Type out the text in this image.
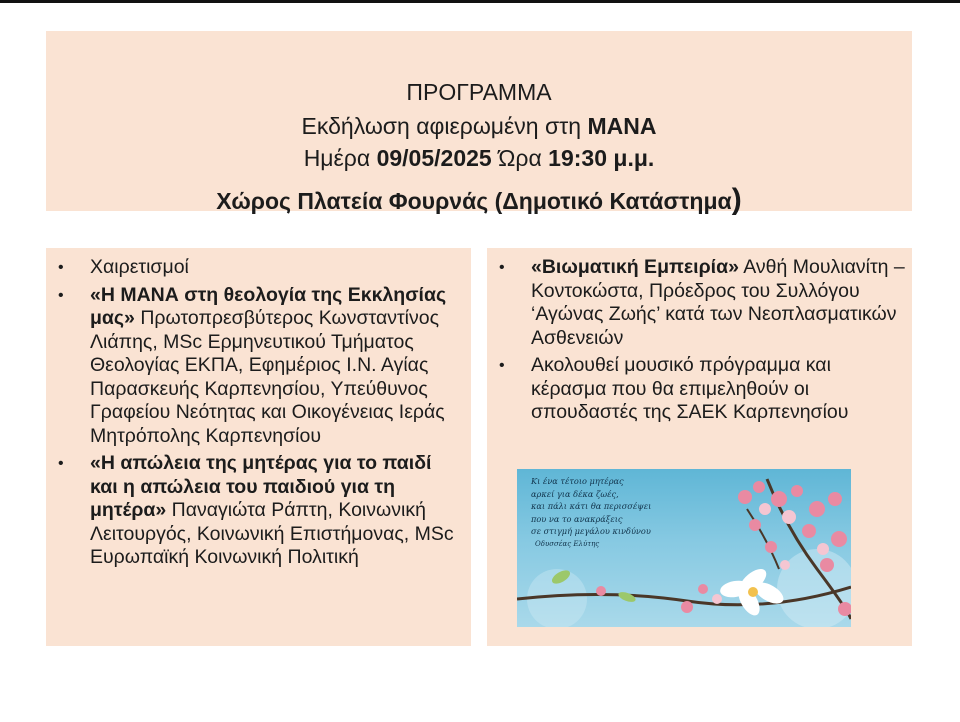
ΠΡΟΓΡΑΜΜΑ
Εκδήλωση αφιερωμένη στη ΜΑΝΑ
Ημέρα 09/05/2025 Ώρα 19:30 μ.μ.
Χώρος Πλατεία Φουρνάς (Δημοτικό Κατάστημα)
• Χαιρετισμοί
• «Η ΜΑΝΑ στη θεολογία της Εκκλησίας μας» Πρωτοπρεσβύτερος Κωνσταντίνος Λιάπης, MSc Ερμηνευτικού Τμήματος Θεολογίας ΕΚΠΑ, Εφημέριος Ι.Ν. Αγίας Παρασκευής Καρπενησίου, Υπεύθυνος Γραφείου Νεότητας και Οικογένειας Ιεράς Μητρόπολης Καρπενησίου
• «Η απώλεια της μητέρας για το παιδί και η απώλεια του παιδιού για τη μητέρα» Παναγιώτα Ράπτη, Κοινωνική Λειτουργός, Κοινωνική Επιστήμονας, MSc Ευρωπαϊκή Κοινωνική Πολιτική
• «Βιωματική Εμπειρία» Ανθή Μουλιανίτη –Κοντοκώστα, Πρόεδρος του Συλλόγου ‘Αγώνας Ζωής’ κατά των Νεοπλασματικών Ασθενειών
• Ακολουθεί μουσικό πρόγραμμα και κέρασμα που θα επιμεληθούν οι σπουδαστές της ΣΑΕΚ Καρπενησίου
Κι ένα τέτοιο μητέρας
αρκεί για δέκα ζωές,
και πάλι κάτι θα περισσέψει
που να το ανακράξεις
σε στιγμή μεγάλου κινδύνου
Οδυσσέας Ελύτης
